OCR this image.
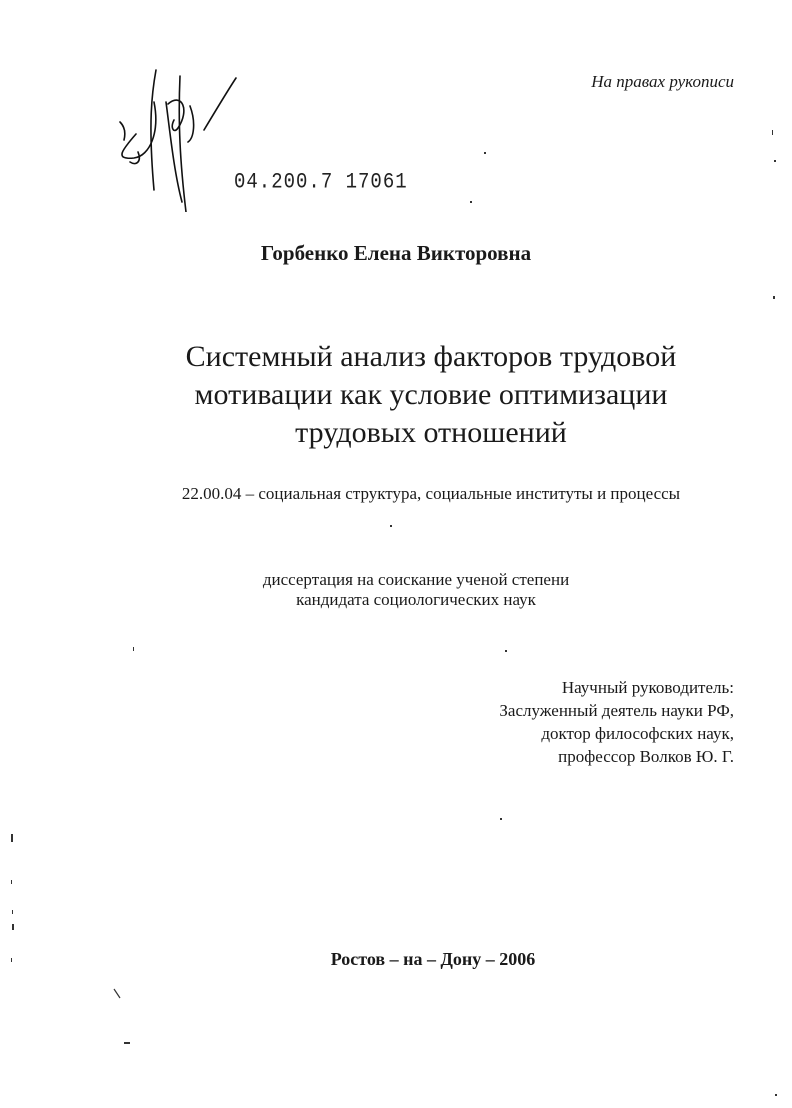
На правах рукописи
04.200.7 17061
Горбенко Елена Викторовна
Системный анализ факторов трудовой
мотивации как условие оптимизации
трудовых отношений
22.00.04 – социальная структура, социальные институты и процессы
диссертация на соискание ученой степени
кандидата социологических наук
Научный руководитель:
Заслуженный деятель науки РФ,
доктор философских наук,
профессор Волков Ю. Г.
Ростов – на – Дону – 2006
